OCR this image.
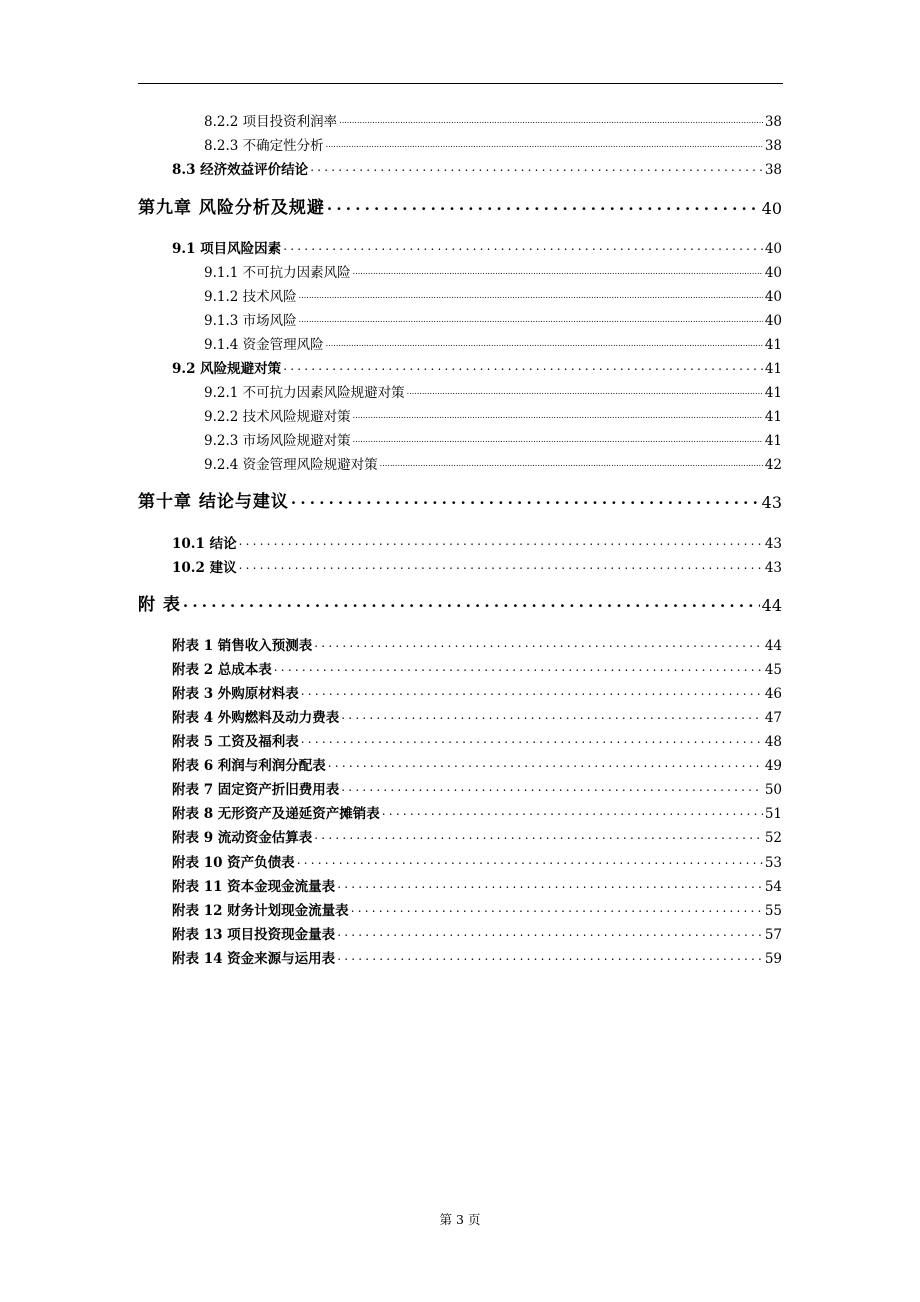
8.2.2 项目投资利润率 .....	38
8.2.3 不确定性分析 .....	38
8.3 经济效益评价结论 .....	38
第九章 风险分析及规避 .....	40
9.1 项目风险因素 .....	40
9.1.1 不可抗力因素风险 .....	40
9.1.2 技术风险 .....	40
9.1.3 市场风险 .....	40
9.1.4 资金管理风险 .....	41
9.2 风险规避对策 .....	41
9.2.1 不可抗力因素风险规避对策 .....	41
9.2.2 技术风险规避对策 .....	41
9.2.3 市场风险规避对策 .....	41
9.2.4 资金管理风险规避对策 .....	42
第十章 结论与建议 .....	43
10.1 结论 .....	43
10.2 建议 .....	43
附 表 .....	44
附表 1 销售收入预测表 .....	44
附表 2 总成本表 .....	45
附表 3 外购原材料表 .....	46
附表 4 外购燃料及动力费表 .....	47
附表 5 工资及福利表 .....	48
附表 6 利润与利润分配表 .....	49
附表 7 固定资产折旧费用表 .....	50
附表 8 无形资产及递延资产摊销表 .....	51
附表 9 流动资金估算表 .....	52
附表 10 资产负债表 .....	53
附表 11 资本金现金流量表 .....	54
附表 12 财务计划现金流量表 .....	55
附表 13 项目投资现金量表 .....	57
附表 14 资金来源与运用表 .....	59
第 3 页
